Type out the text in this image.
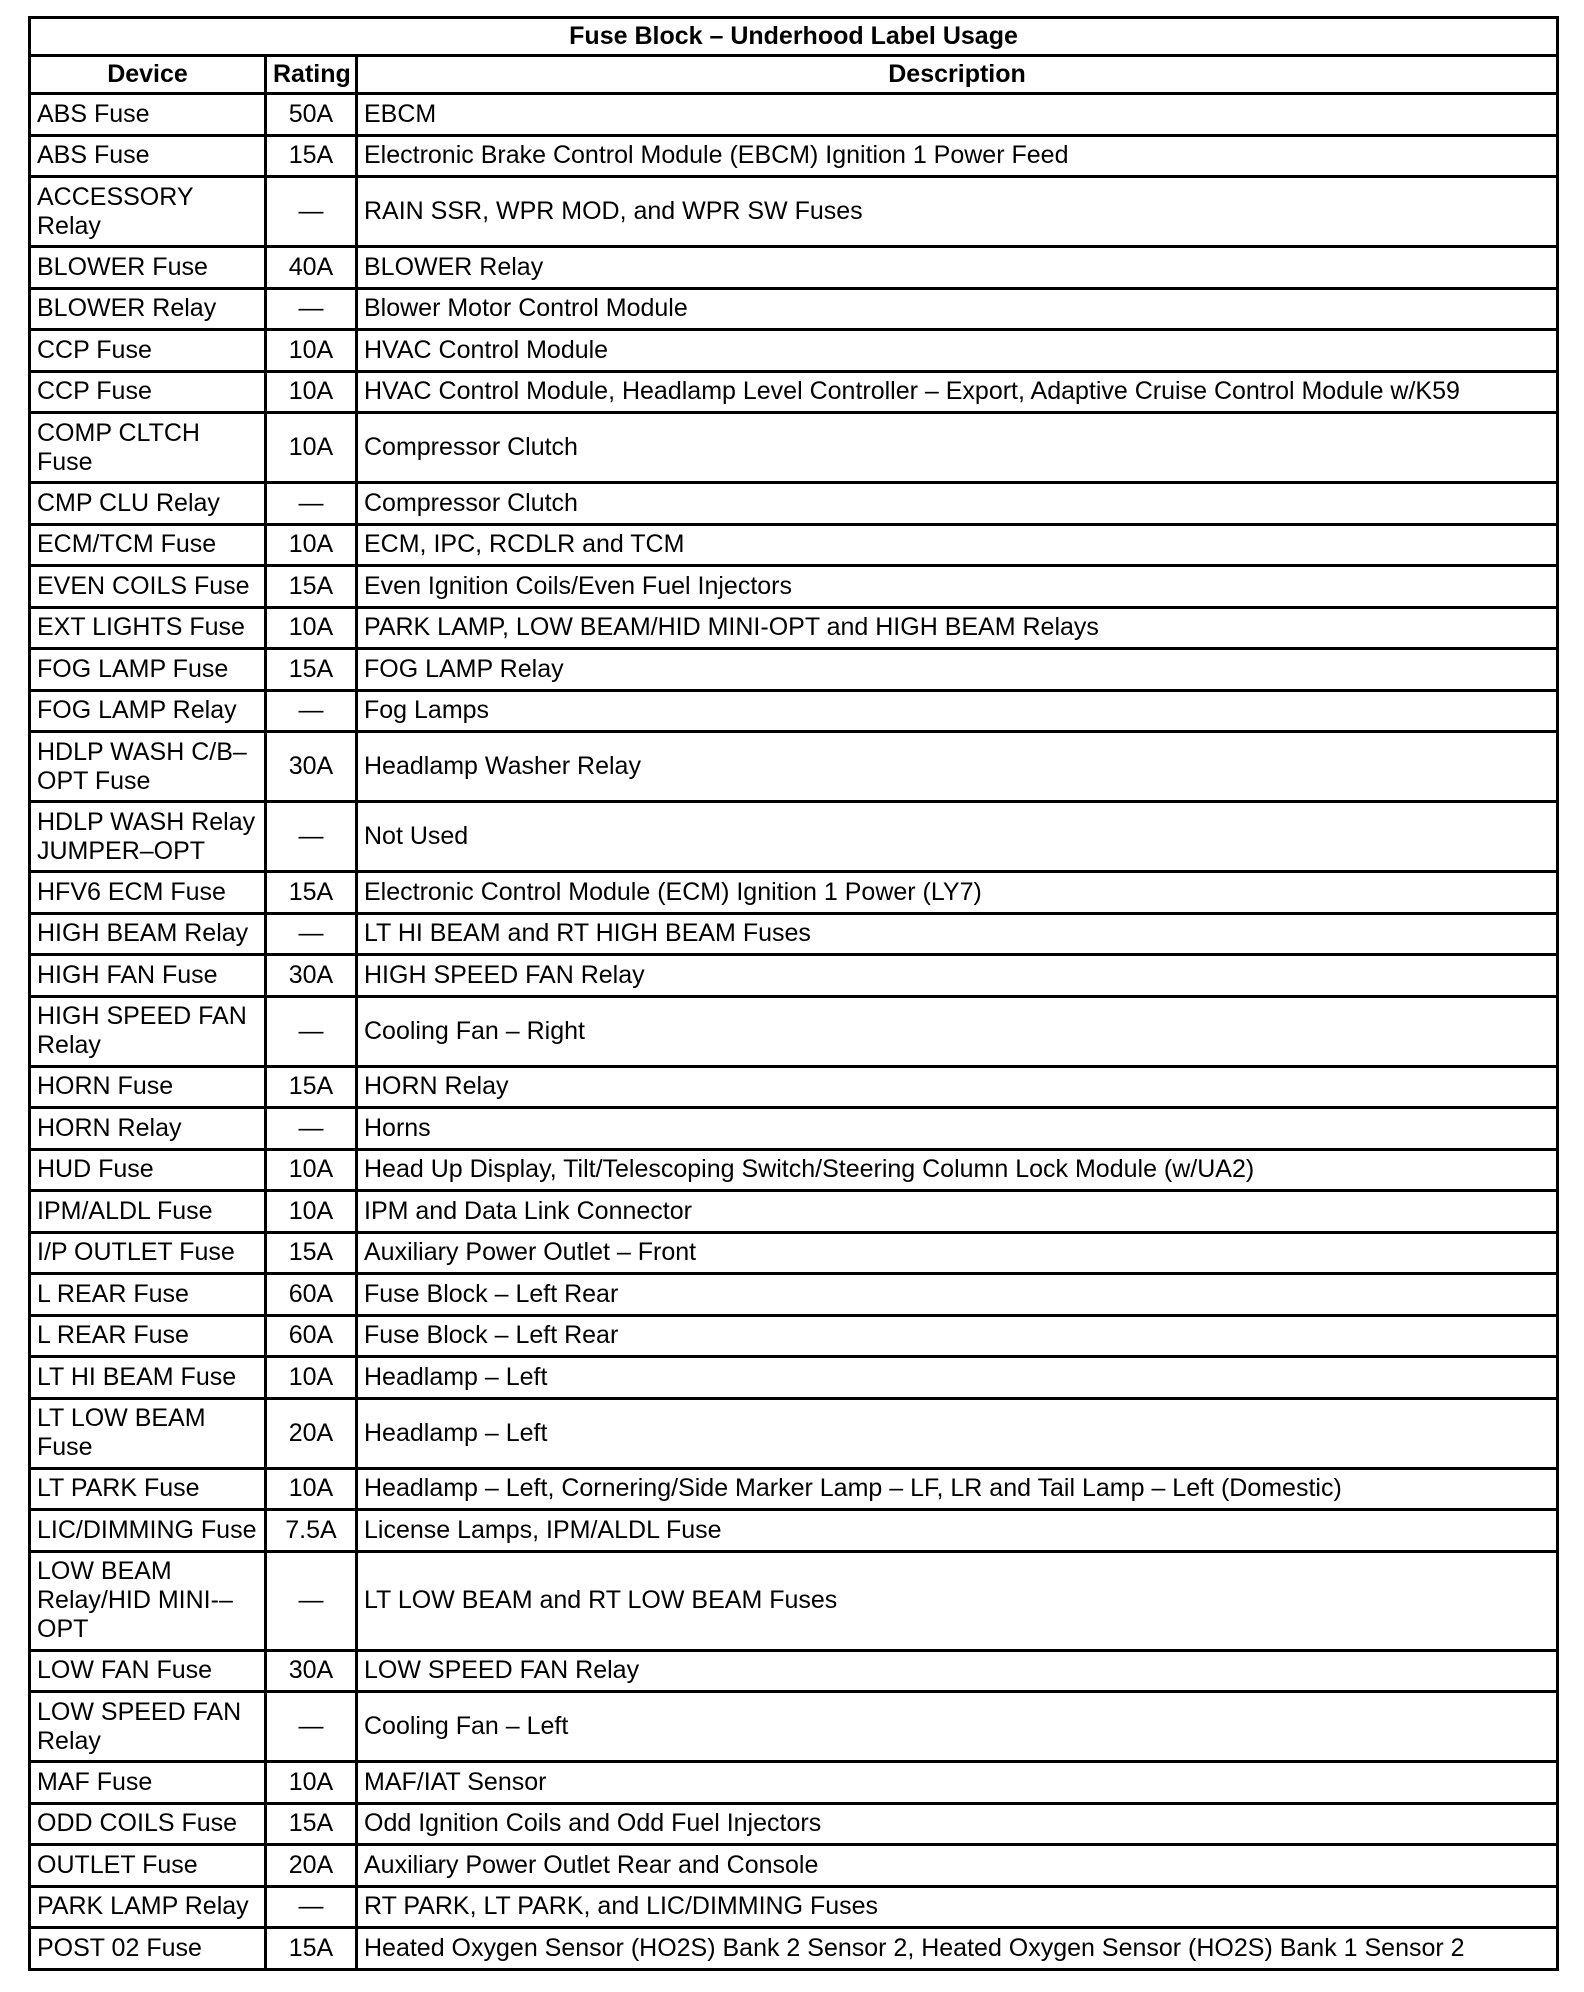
Fuse Block – Underhood Label Usage		
Device	Rating	Description
ABS Fuse	50A	EBCM
ABS Fuse	15A	Electronic Brake Control Module (EBCM) Ignition 1 Power Feed
ACCESSORY Relay	—	RAIN SSR, WPR MOD, and WPR SW Fuses
BLOWER Fuse	40A	BLOWER Relay
BLOWER Relay	—	Blower Motor Control Module
CCP Fuse	10A	HVAC Control Module
CCP Fuse	10A	HVAC Control Module, Headlamp Level Controller – Export, Adaptive Cruise Control Module w/K59
COMP CLTCH Fuse	10A	Compressor Clutch
CMP CLU Relay	—	Compressor Clutch
ECM/TCM Fuse	10A	ECM, IPC, RCDLR and TCM
EVEN COILS Fuse	15A	Even Ignition Coils/Even Fuel Injectors
EXT LIGHTS Fuse	10A	PARK LAMP, LOW BEAM/HID MINI-OPT and HIGH BEAM Relays
FOG LAMP Fuse	15A	FOG LAMP Relay
FOG LAMP Relay	—	Fog Lamps
HDLP WASH C/B–OPT Fuse	30A	Headlamp Washer Relay
HDLP WASH Relay JUMPER–OPT	—	Not Used
HFV6 ECM Fuse	15A	Electronic Control Module (ECM) Ignition 1 Power (LY7)
HIGH BEAM Relay	—	LT HI BEAM and RT HIGH BEAM Fuses
HIGH FAN Fuse	30A	HIGH SPEED FAN Relay
HIGH SPEED FAN Relay	—	Cooling Fan – Right
HORN Fuse	15A	HORN Relay
HORN Relay	—	Horns
HUD Fuse	10A	Head Up Display, Tilt/Telescoping Switch/Steering Column Lock Module (w/UA2)
IPM/ALDL Fuse	10A	IPM and Data Link Connector
I/P OUTLET Fuse	15A	Auxiliary Power Outlet – Front
L REAR Fuse	60A	Fuse Block – Left Rear
L REAR Fuse	60A	Fuse Block – Left Rear
LT HI BEAM Fuse	10A	Headlamp – Left
LT LOW BEAM Fuse	20A	Headlamp – Left
LT PARK Fuse	10A	Headlamp – Left, Cornering/Side Marker Lamp – LF, LR and Tail Lamp – Left (Domestic)
LIC/DIMMING Fuse	7.5A	License Lamps, IPM/ALDL Fuse
LOW BEAM Relay/HID MINI-–OPT	—	LT LOW BEAM and RT LOW BEAM Fuses
LOW FAN Fuse	30A	LOW SPEED FAN Relay
LOW SPEED FAN Relay	—	Cooling Fan – Left
MAF Fuse	10A	MAF/IAT Sensor
ODD COILS Fuse	15A	Odd Ignition Coils and Odd Fuel Injectors
OUTLET Fuse	20A	Auxiliary Power Outlet Rear and Console
PARK LAMP Relay	—	RT PARK, LT PARK, and LIC/DIMMING Fuses
POST 02 Fuse	15A	Heated Oxygen Sensor (HO2S) Bank 2 Sensor 2, Heated Oxygen Sensor (HO2S) Bank 1 Sensor 2
